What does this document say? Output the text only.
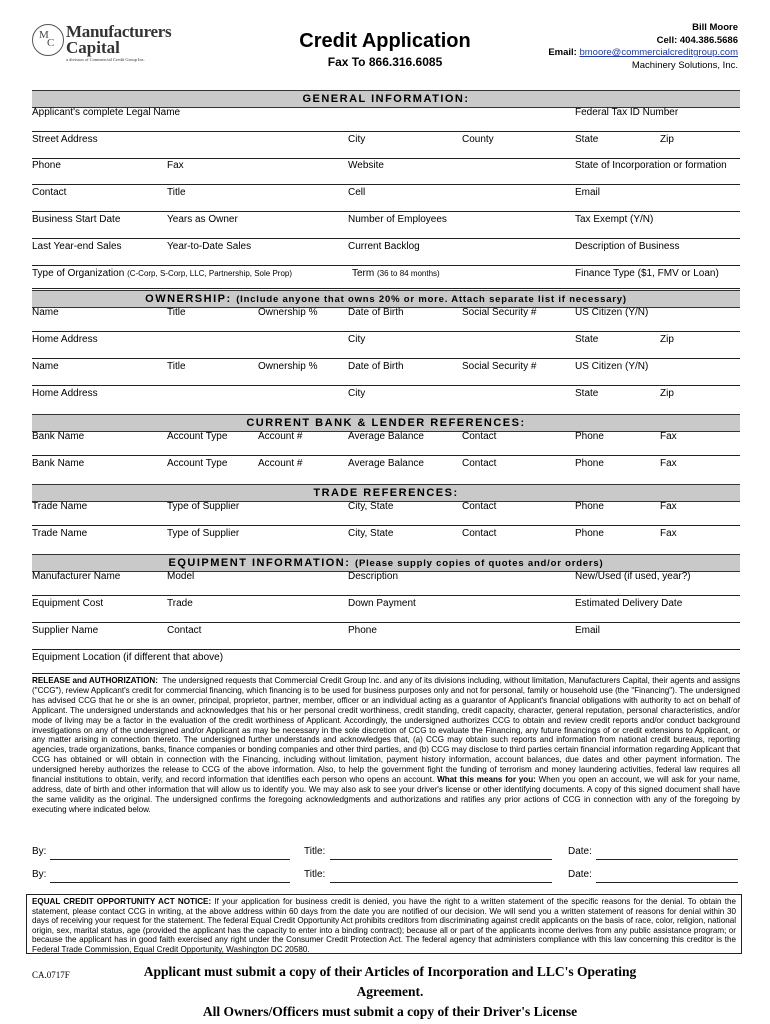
M
C
Manufacturers
Capital
a division of Commercial Credit Group Inc.
Credit Application
Fax To 866.316.6085
Bill Moore
Cell: 404.386.5686
Email: bmoore@commercialcreditgroup.com
Machinery Solutions, Inc.
GENERAL INFORMATION:
Applicant's complete Legal Name	Federal Tax ID Number
Street Address	City	County	State	Zip
Phone	Fax	Website	State of Incorporation or formation
Contact	Title	Cell	Email
Business Start Date	Years as Owner	Number of Employees	Tax Exempt (Y/N)
Last Year-end Sales	Year-to-Date Sales	Current Backlog	Description of Business
Type of Organization (C-Corp, S-Corp, LLC, Partnership, Sole Prop)	Term (36 to 84 months)	Finance Type ($1, FMV or Loan)
OWNERSHIP: (Include anyone that owns 20% or more. Attach separate list if necessary)
Name	Title	Ownership %	Date of Birth	Social Security #	US Citizen (Y/N)
Home Address	City	State	Zip
Name	Title	Ownership %	Date of Birth	Social Security #	US Citizen (Y/N)
Home Address	City	State	Zip
CURRENT BANK & LENDER REFERENCES:
Bank Name	Account Type	Account #	Average Balance	Contact	Phone	Fax
Bank Name	Account Type	Account #	Average Balance	Contact	Phone	Fax
TRADE REFERENCES:
Trade Name	Type of Supplier	City, State	Contact	Phone	Fax
Trade Name	Type of Supplier	City, State	Contact	Phone	Fax
EQUIPMENT INFORMATION: (Please supply copies of quotes and/or orders)
Manufacturer Name	Model	Description	New/Used (if used, year?)
Equipment Cost	Trade	Down Payment	Estimated Delivery Date
Supplier Name	Contact	Phone	Email
Equipment Location (if different that above)
RELEASE and AUTHORIZATION: The undersigned requests that Commercial Credit Group Inc. and any of its divisions including, without limitation, Manufacturers Capital, their agents and assigns ("CCG"), review Applicant's credit for commercial financing, which financing is to be used for business purposes only and not for personal, family or household use (the "Financing"). The undersigned has advised CCG that he or she is an owner, principal, proprietor, partner, member, officer or an individual acting as a guarantor of Applicant's financial obligations with authority to act on behalf of Applicant. The undersigned understands and acknowledges that his or her personal credit worthiness, credit standing, credit capacity, character, general reputation, personal characteristics, and/or mode of living may be a factor in the evaluation of the credit worthiness of Applicant. Accordingly, the undersigned authorizes CCG to obtain and review credit reports and/or conduct background investigations on any of the undersigned and/or Applicant as may be necessary in the sole discretion of CCG to evaluate the Financing, any future financings of or credit extensions to Applicant, or any matter arising in connection thereto. The undersigned further understands and acknowledges that, (a) CCG may obtain such reports and information from national credit bureaus, reporting agencies, trade organizations, banks, finance companies or bonding companies and other third parties, and (b) CCG may disclose to third parties certain financial information regarding Applicant that CCG has obtained or will obtain in connection with the Financing, including without limitation, payment history information, account balances, due dates and other payment information. The undersigned hereby authorizes the release to CCG of the above information. Also, to help the government fight the funding of terrorism and money laundering activities, federal law requires all financial institutions to obtain, verify, and record information that identifies each person who opens an account. What this means for you: When you open an account, we will ask for your name, address, date of birth and other information that will allow us to identify you. We may also ask to see your driver's license or other identifying documents. A copy of this signed document shall have the same validity as the original. The undersigned confirms the foregoing acknowledgments and authorizations and ratifies any prior actions of CCG in connection with any of the foregoing by executing where indicated below.
By:	Title:	Date:
By:	Title:	Date:
EQUAL CREDIT OPPORTUNITY ACT NOTICE: If your application for business credit is denied, you have the right to a written statement of the specific reasons for the denial. To obtain the statement, please contact CCG in writing, at the above address within 60 days from the date you are notified of our decision. We will send you a written statement of reasons for denial within 30 days of receiving your request for the statement. The federal Equal Credit Opportunity Act prohibits creditors from discriminating against credit applicants on the basis of race, color, religion, national origin, sex, marital status, age (provided the applicant has the capacity to enter into a binding contract); because all or part of the applicants income derives from any public assistance program; or because the applicant has in good faith exercised any right under the Consumer Credit Protection Act. The federal agency that administers compliance with this law concerning this creditor is the Federal Trade Commission, Equal Credit Opportunity, Washington DC 20580.
CA.0717F	Applicant must submit a copy of their Articles of Incorporation and LLC's Operating Agreement.
All Owners/Officers must submit a copy of their Driver's License
